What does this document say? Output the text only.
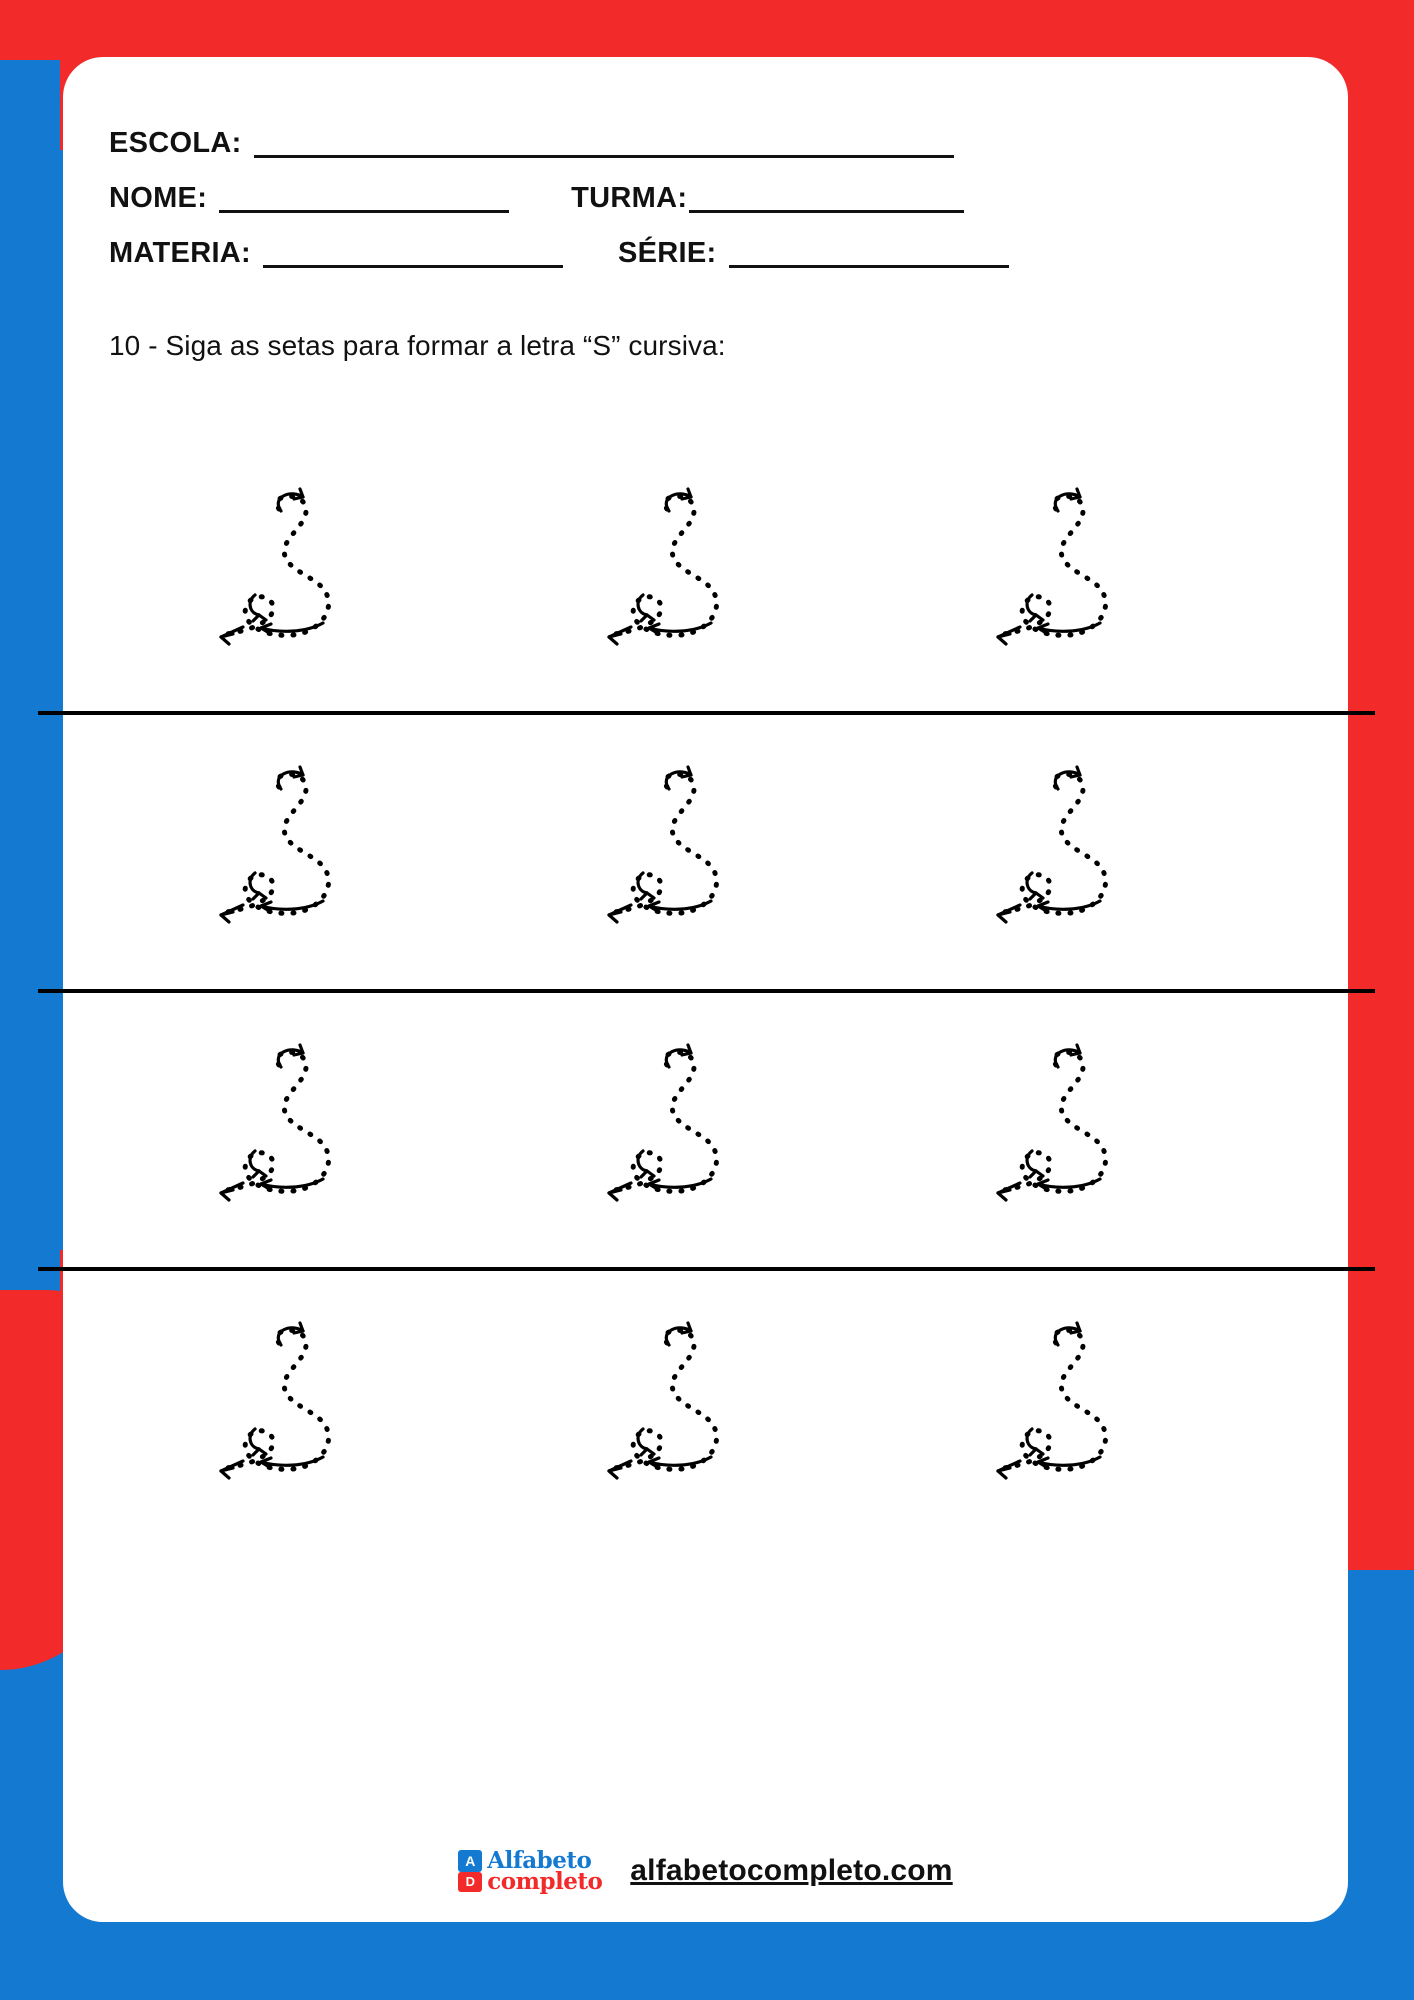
ESCOLA:
NOME:	TURMA:
MATERIA:	SÉRIE:
10 - Siga as setas para formar a letra “S” cursiva:
A Alfabeto
D completo alfabetocompleto.com
